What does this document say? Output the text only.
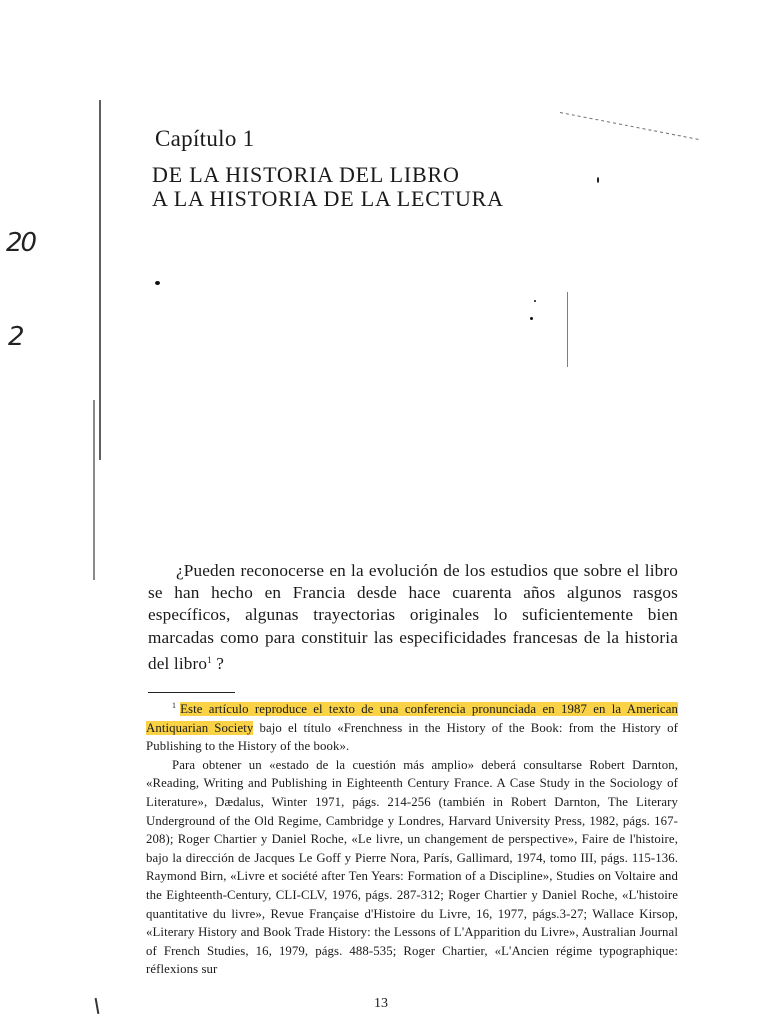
20
2
Capítulo 1
DE LA HISTORIA DEL LIBRO
A LA HISTORIA DE LA LECTURA
¿Pueden reconocerse en la evolución de los estudios que sobre el libro se han hecho en Francia desde hace cuarenta años algunos rasgos específicos, algunas trayectorias originales lo suficientemente bien marcadas como para constituir las especificidades francesas de la historia del libro$^1$ ?

$^1$ Este artículo reproduce el texto de una conferencia pronunciada en 1987 en la American Antiquarian Society bajo el título «Frenchness in the History of the Book: from the History of Publishing to the History of the book».

Para obtener un «estado de la cuestión más amplio» deberá consultarse Robert Darnton, «Reading, Writing and Publishing in Eighteenth Century France. A Case Study in the Sociology of Literature», Dædalus, Winter 1971, págs. 214-256 (también in Robert Darnton, The Literary Underground of the Old Regime, Cambridge y Londres, Harvard University Press, 1982, págs. 167-208); Roger Chartier y Daniel Roche, «Le livre, un changement de perspective», Faire de l'histoire, bajo la dirección de Jacques Le Goff y Pierre Nora, París, Gallimard, 1974, tomo III, págs. 115-136. Raymond Birn, «Livre et société after Ten Years: Formation of a Discipline», Studies on Voltaire and the Eighteenth-Century, CLI-CLV, 1976, págs. 287-312; Roger Chartier y Daniel Roche, «L'histoire quantitative du livre», Revue Française d'Histoire du Livre, 16, 1977, págs.3-27; Wallace Kirsop, «Literary History and Book Trade History: the Lessons of L'Apparition du Livre», Australian Journal of French Studies, 16, 1979, págs. 488-535; Roger Chartier, «L'Ancien régime typographique: réflexions sur

13
